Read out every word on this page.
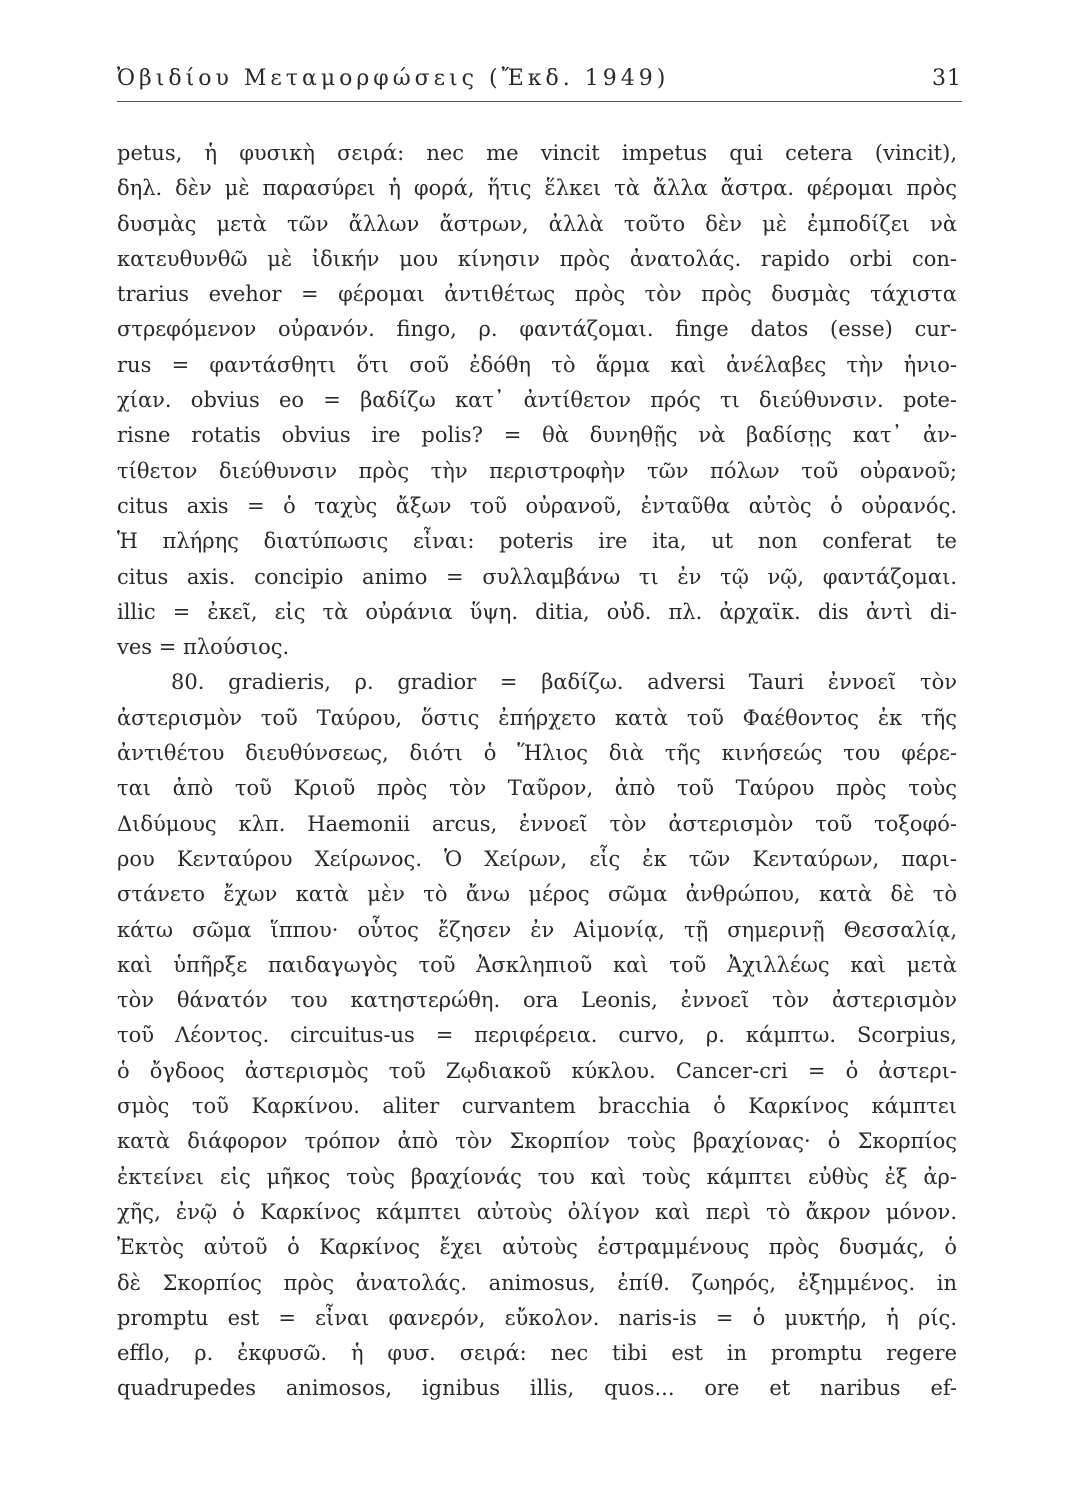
Ὀβιδίου Μεταμορφώσεις (Ἔκδ. 1949)	31
petus, ἡ φυσικὴ σειρά: nec me vincit impetus qui cetera (vincit),
δηλ. δὲν μὲ παρασύρει ἡ φορά, ἥτις ἕλκει τὰ ἄλλα ἄστρα. φέρομαι πρὸς
δυσμὰς μετὰ τῶν ἄλλων ἄστρων, ἀλλὰ τοῦτο δὲν μὲ ἐμποδίζει νὰ
κατευθυνθῶ μὲ ἰδικήν μου κίνησιν πρὸς ἀνατολάς. rapido orbi con-
trarius evehor = φέρομαι ἀντιθέτως πρὸς τὸν πρὸς δυσμὰς τάχιστα
στρεφόμενον οὐρανόν. fingo, ρ. φαντάζομαι. finge datos (esse) cur-
rus = φαντάσθητι ὅτι σοῦ ἐδόθη τὸ ἅρμα καὶ ἀνέλαβες τὴν ἡνιο-
χίαν. obvius eo = βαδίζω κατ᾽ ἀντίθετον πρός τι διεύθυνσιν. pote-
risne rotatis obvius ire polis? = θὰ δυνηθῇς νὰ βαδίσῃς κατ᾽ ἀν-
τίθετον διεύθυνσιν πρὸς τὴν περιστροφὴν τῶν πόλων τοῦ οὐρανοῦ;
citus axis = ὁ ταχὺς ἄξων τοῦ οὐρανοῦ, ἐνταῦθα αὐτὸς ὁ οὐρανός.
Ἡ πλήρης διατύπωσις εἶναι: poteris ire ita, ut non conferat te
citus axis. concipio animo = συλλαμβάνω τι ἐν τῷ νῷ, φαντάζομαι.
illic = ἐκεῖ, εἰς τὰ οὐράνια ὕψη. ditia, οὐδ. πλ. ἀρχαϊκ. dis ἀντὶ di-
ves = πλούσιος.
80. gradieris, ρ. gradior = βαδίζω. adversi Tauri ἐννοεῖ τὸν
ἀστερισμὸν τοῦ Ταύρου, ὅστις ἐπήρχετο κατὰ τοῦ Φαέθοντος ἐκ τῆς
ἀντιθέτου διευθύνσεως, διότι ὁ Ἥλιος διὰ τῆς κινήσεώς του φέρε-
ται ἀπὸ τοῦ Κριοῦ πρὸς τὸν Ταῦρον, ἀπὸ τοῦ Ταύρου πρὸς τοὺς
Διδύμους κλπ. Haemonii arcus, ἐννοεῖ τὸν ἀστερισμὸν τοῦ τοξοφό-
ρου Κενταύρου Χείρωνος. Ὁ Χείρων, εἷς ἐκ τῶν Κενταύρων, παρι-
στάνετο ἔχων κατὰ μὲν τὸ ἄνω μέρος σῶμα ἀνθρώπου, κατὰ δὲ τὸ
κάτω σῶμα ἵππου· οὗτος ἔζησεν ἐν Αἱμονίᾳ, τῇ σημερινῇ Θεσσαλίᾳ,
καὶ ὑπῆρξε παιδαγωγὸς τοῦ Ἀσκληπιοῦ καὶ τοῦ Ἀχιλλέως καὶ μετὰ
τὸν θάνατόν του κατηστερώθη. ora Leonis, ἐννοεῖ τὸν ἀστερισμὸν
τοῦ Λέοντος. circuitus-us = περιφέρεια. curvo, ρ. κάμπτω. Scorpius,
ὁ ὄγδοος ἀστερισμὸς τοῦ Ζῳδιακοῦ κύκλου. Cancer-cri = ὁ ἀστερι-
σμὸς τοῦ Καρκίνου. aliter curvantem bracchia ὁ Καρκίνος κάμπτει
κατὰ διάφορον τρόπον ἀπὸ τὸν Σκορπίον τοὺς βραχίονας· ὁ Σκορπίος
ἐκτείνει εἰς μῆκος τοὺς βραχίονάς του καὶ τοὺς κάμπτει εὐθὺς ἐξ ἀρ-
χῆς, ἐνῷ ὁ Καρκίνος κάμπτει αὐτοὺς ὀλίγον καὶ περὶ τὸ ἄκρον μόνον.
Ἐκτὸς αὐτοῦ ὁ Καρκίνος ἔχει αὐτοὺς ἐστραμμένους πρὸς δυσμάς, ὁ
δὲ Σκορπίος πρὸς ἀνατολάς. animosus, ἐπίθ. ζωηρός, ἐξημμένος. in
promptu est = εἶναι φανερόν, εὔκολον. naris-is = ὁ μυκτήρ, ἡ ρίς.
efflo, ρ. ἐκφυσῶ. ἡ φυσ. σειρά: nec tibi est in promptu regere
quadrupedes animosos, ignibus illis, quos... ore et naribus ef-
